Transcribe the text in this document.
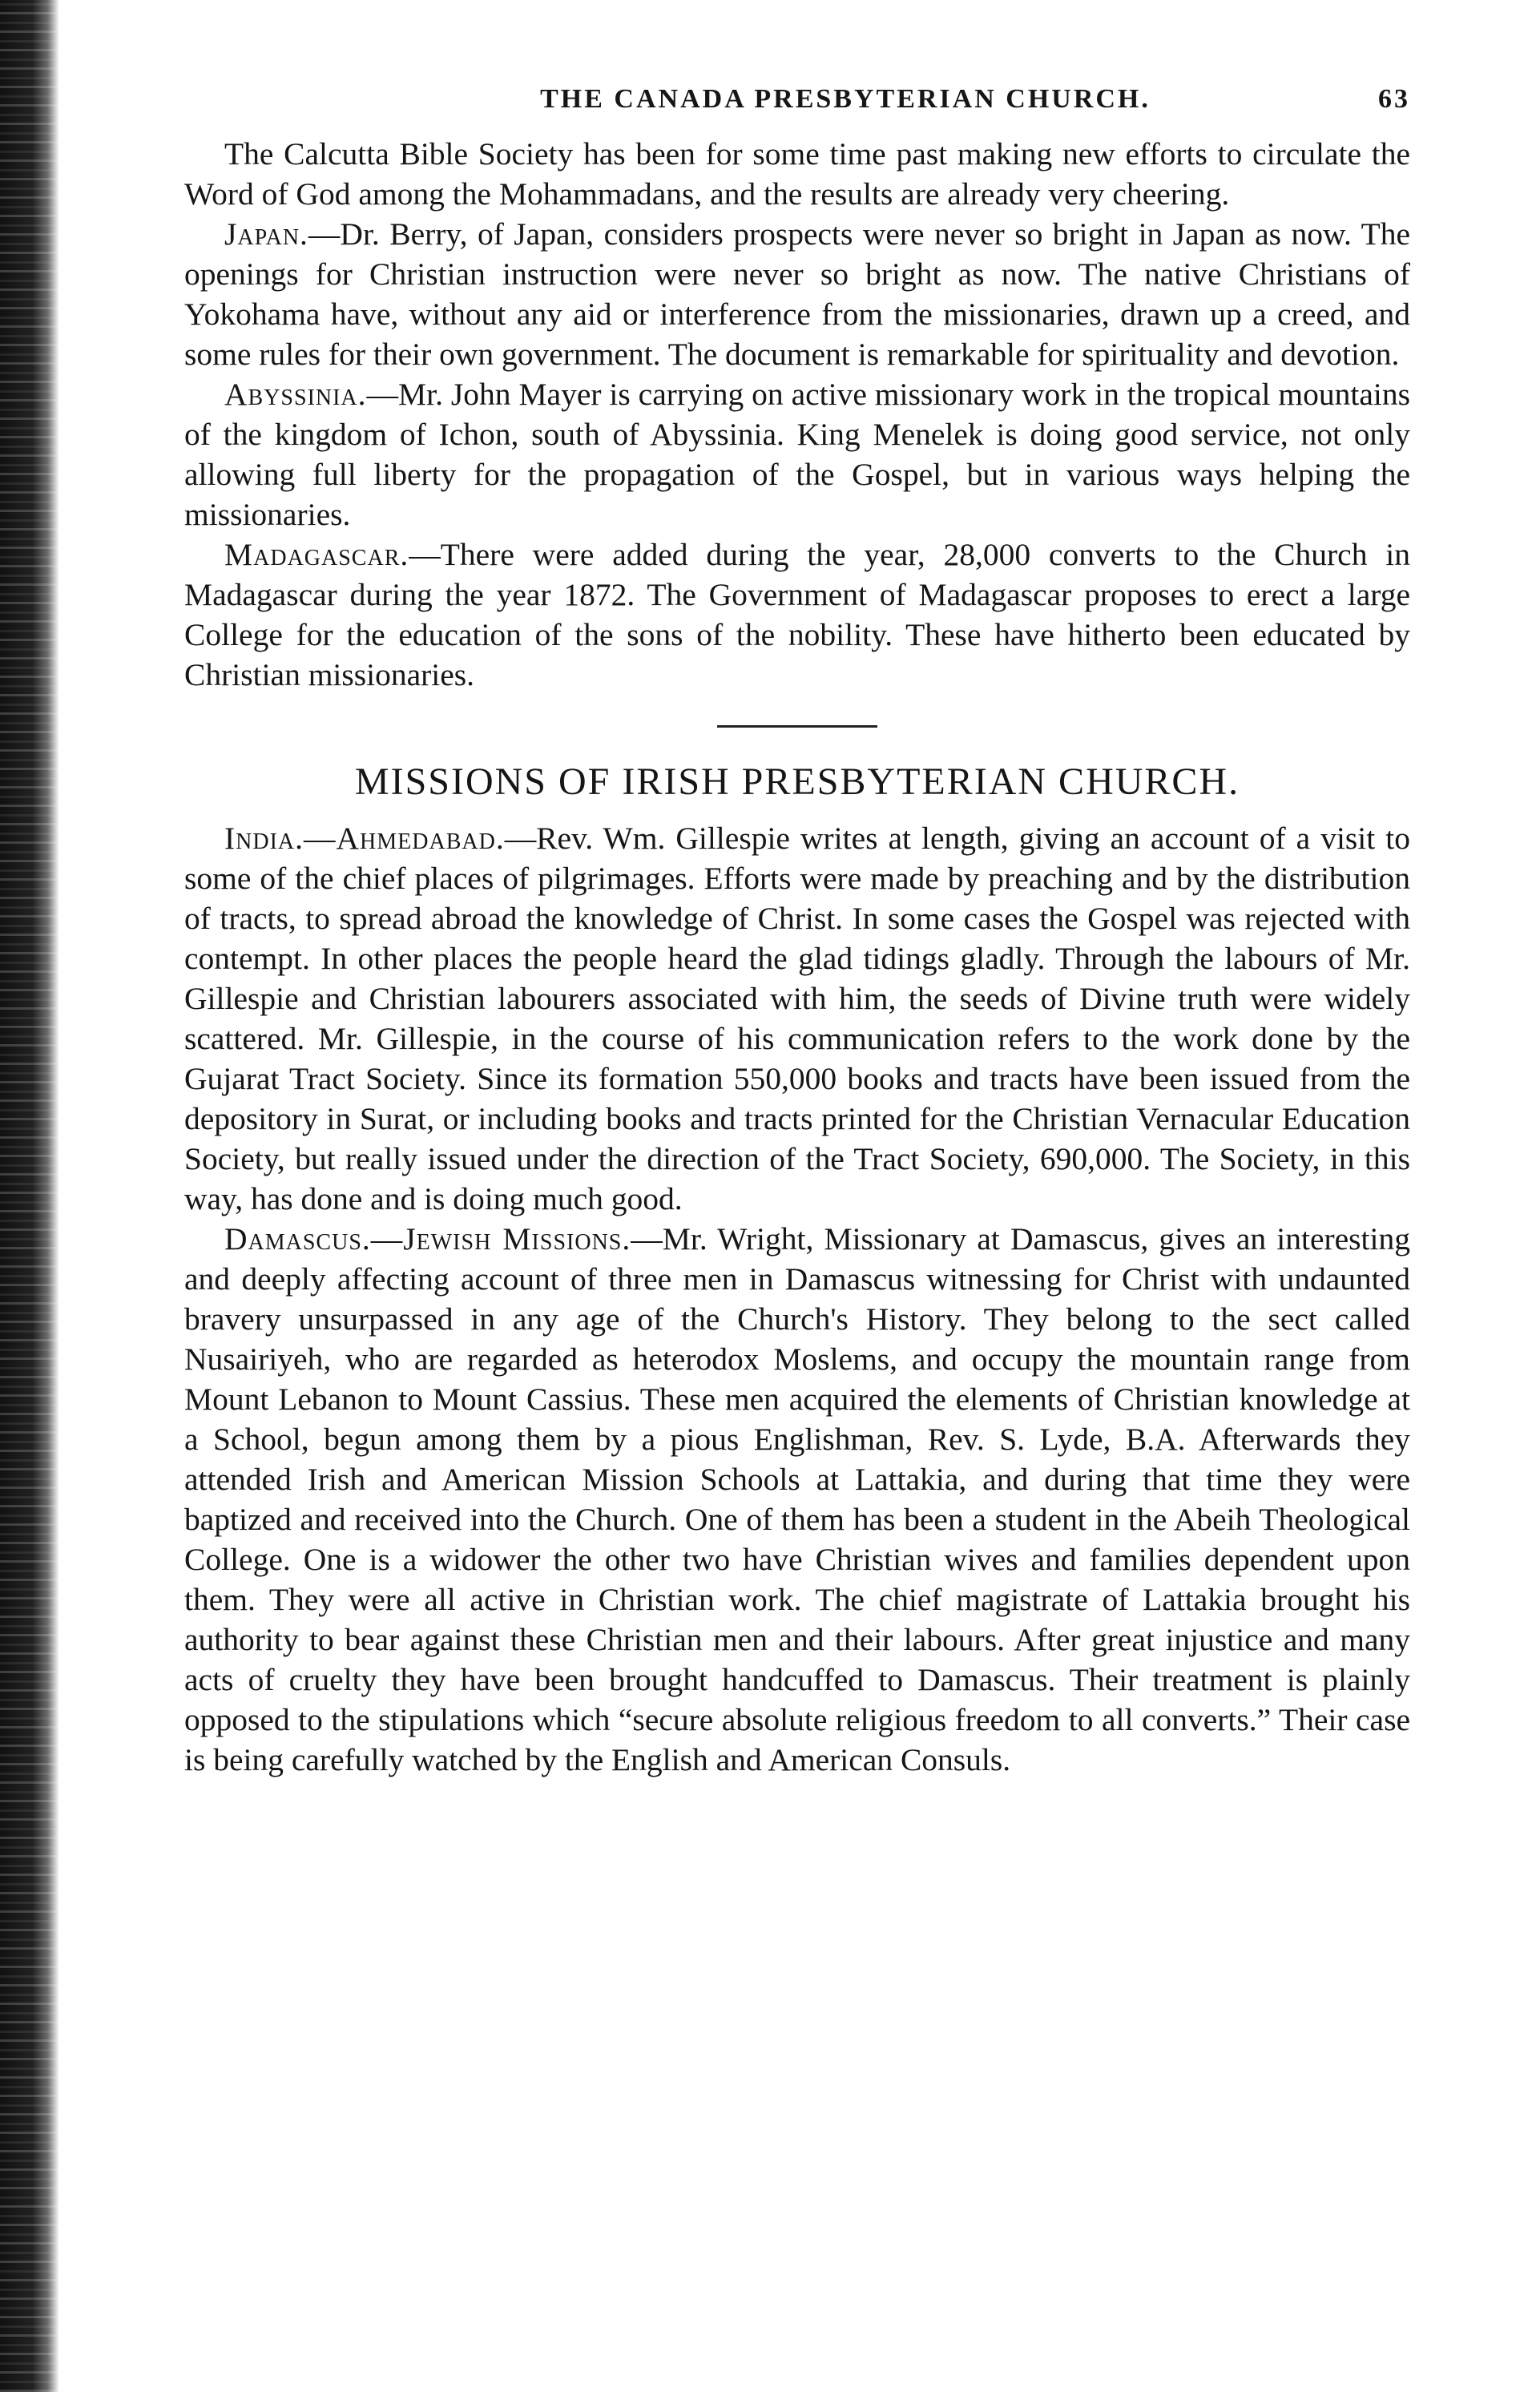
THE CANADA PRESBYTERIAN CHURCH.	63

The Calcutta Bible Society has been for some time past making new efforts to circulate the Word of God among the Mohammadans, and the results are already very cheering.

Japan.—Dr. Berry, of Japan, considers prospects were never so bright in Japan as now. The openings for Christian instruction were never so bright as now. The native Christians of Yokohama have, without any aid or interference from the missionaries, drawn up a creed, and some rules for their own government. The document is remarkable for spirituality and devotion.

Abyssinia.—Mr. John Mayer is carrying on active missionary work in the tropical mountains of the kingdom of Ichon, south of Abyssinia. King Menelek is doing good service, not only allowing full liberty for the propagation of the Gospel, but in various ways helping the missionaries.

Madagascar.—There were added during the year, 28,000 converts to the Church in Madagascar during the year 1872. The Government of Madagascar proposes to erect a large College for the education of the sons of the nobility. These have hitherto been educated by Christian missionaries.

MISSIONS OF IRISH PRESBYTERIAN CHURCH.

India.—Ahmedabad.—Rev. Wm. Gillespie writes at length, giving an account of a visit to some of the chief places of pilgrimages. Efforts were made by preaching and by the distribution of tracts, to spread abroad the knowledge of Christ. In some cases the Gospel was rejected with contempt. In other places the people heard the glad tidings gladly. Through the labours of Mr. Gillespie and Christian labourers associated with him, the seeds of Divine truth were widely scattered. Mr. Gillespie, in the course of his communication refers to the work done by the Gujarat Tract Society. Since its formation 550,000 books and tracts have been issued from the depository in Surat, or including books and tracts printed for the Christian Vernacular Education Society, but really issued under the direction of the Tract Society, 690,000. The Society, in this way, has done and is doing much good.

Damascus.—Jewish Missions.—Mr. Wright, Missionary at Damascus, gives an interesting and deeply affecting account of three men in Damascus witnessing for Christ with undaunted bravery unsurpassed in any age of the Church's History. They belong to the sect called Nusairiyeh, who are regarded as heterodox Moslems, and occupy the mountain range from Mount Lebanon to Mount Cassius. These men acquired the elements of Christian knowledge at a School, begun among them by a pious Englishman, Rev. S. Lyde, B.A. Afterwards they attended Irish and American Mission Schools at Lattakia, and during that time they were baptized and received into the Church. One of them has been a student in the Abeih Theological College. One is a widower the other two have Christian wives and families dependent upon them. They were all active in Christian work. The chief magistrate of Lattakia brought his authority to bear against these Christian men and their labours. After great injustice and many acts of cruelty they have been brought handcuffed to Damascus. Their treatment is plainly opposed to the stipulations which “secure absolute religious freedom to all converts.” Their case is being carefully watched by the English and American Consuls.
